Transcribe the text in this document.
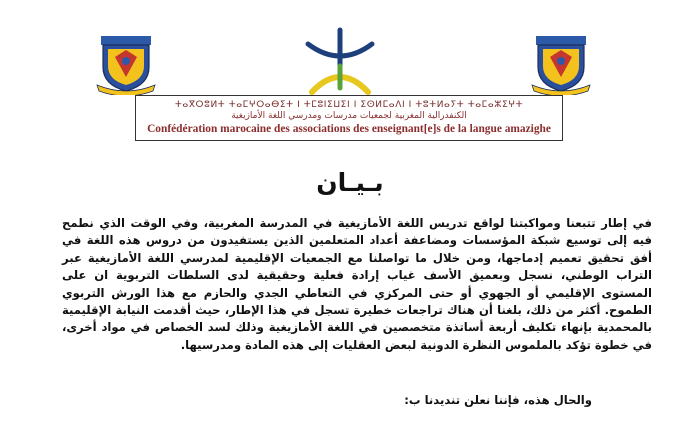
ⵜⴰⴳⵔⵓⵍⵜ ⵜⴰⵎⵖⵔⴰⴱⵉⵜ ⵏ ⵜⵎⵓⵏⵉⵡⵉⵏ ⵏ ⵉⵙⵍⵎⴰⴷⵏ ⵏ ⵜⵓⵜⵍⴰⵢⵜ ⵜⴰⵎⴰⵣⵉⵖⵜ
الكنفدرالية المغربية لجمعيات مدرسات ومدرسي اللغة الأمازيغية
Confédération marocaine des associations des enseignant[e]s de la langue amazighe
بـيـان

في إطار تتبعنا ومواكبتنا لواقع تدريس اللغة الأمازيغية في المدرسة المغربية، وفي الوقت الذي نطمح فيه إلى توسيع شبكة المؤسسات ومضاعفة أعداد المتعلمين الذين يستفيدون من دروس هذه اللغة في أفق تحقيق تعميم إدماجها، ومن خلال ما تواصلنا مع الجمعيات الإقليمية لمدرسي اللغة الأمازيغية عبر التراب الوطني، نسجل وبعميق الأسف غياب إرادة فعلية وحقيقية لدى السلطات التربوية ان على المستوى الإقليمي أو الجهوي أو حتى المركزي في التعاطي الجدي والحازم مع هذا الورش التربوي الطموح. أكثر من ذلك، بلغنا أن هناك تراجعات خطيرة تسجل في هذا الإطار، حيث أقدمت النيابة الإقليمية بالمحمدية بإنهاء تكليف أربعة أساتذة متخصصين في اللغة الأمازيغية وذلك لسد الخصاص في مواد أخرى، في خطوة تؤكد بالملموس النظرة الدونية لبعض العقليات إلى هذه المادة ومدرسيها.

والحال هذه، فإننا نعلن تنديدنا ب:
